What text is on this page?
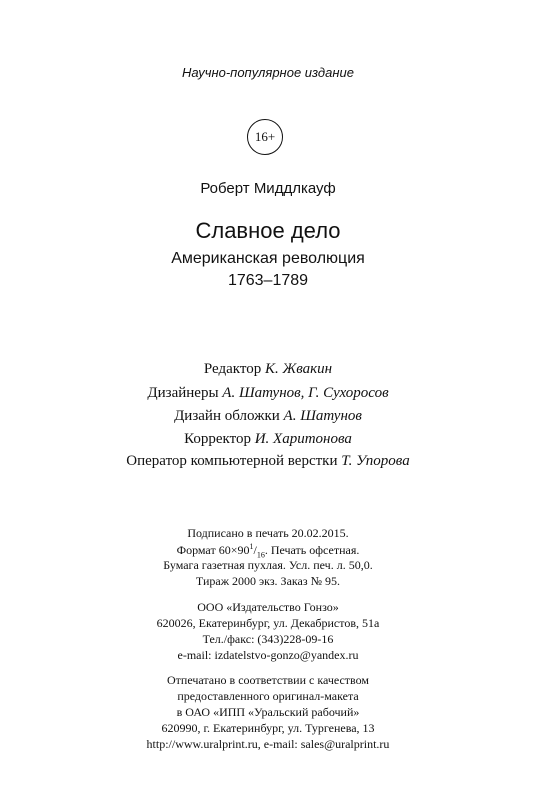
Научно-популярное издание
16+
Роберт Миддлкауф
Славное дело
Американская революция
1763–1789
Редактор К. Жвакин
Дизайнеры А. Шатунов, Г. Сухоросов
Дизайн обложки А. Шатунов
Корректор И. Харитонова
Оператор компьютерной верстки Т. Упорова
Подписано в печать 20.02.2015.
Формат $60\times 90^1/_{16}$. Печать офсетная.
Бумага газетная пухлая. Усл. печ. л. 50,0.
Тираж 2000 экз. Заказ № 95.
ООО «Издательство Гонзо»
620026, Екатеринбург, ул. Декабристов, 51а
Тел./факс: (343)228-09-16
e-mail: izdatelstvo-gonzo@yandex.ru
Отпечатано в соответствии с качеством
предоставленного оригинал-макета
в ОАО «ИПП «Уральский рабочий»
620990, г. Екатеринбург, ул. Тургенева, 13
http://www.uralprint.ru, e-mail: sales@uralprint.ru
